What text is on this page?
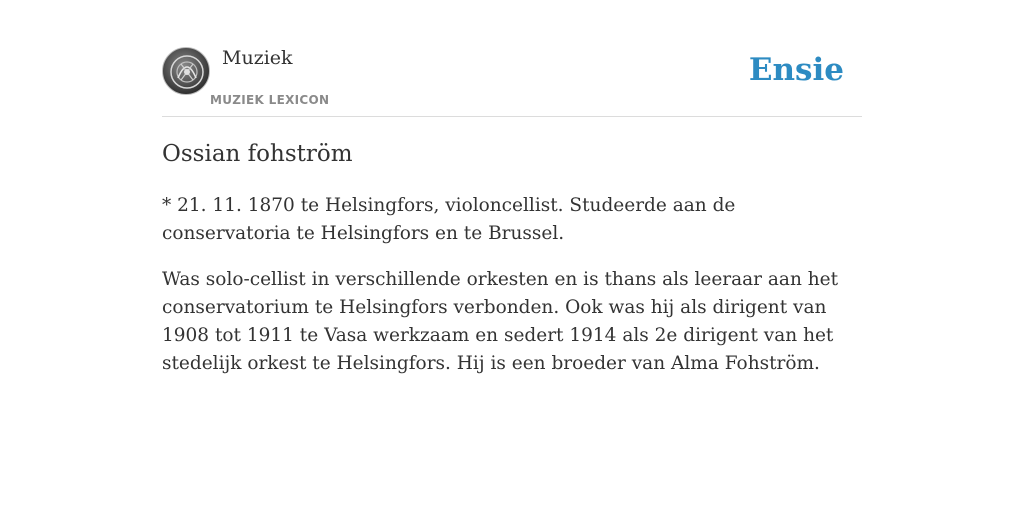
Muziek
MUZIEK LEXICON
Ensie
Ossian fohström

* 21. 11. 1870 te Helsingfors, violoncellist. Studeerde aan de conservatoria te Helsingfors en te Brussel.

Was solo-cellist in verschillende orkesten en is thans als leeraar aan het conservatorium te Helsingfors verbonden. Ook was hij als dirigent van 1908 tot 1911 te Vasa werkzaam en sedert 1914 als 2e dirigent van het stedelijk orkest te Helsingfors. Hij is een broeder van Alma Fohström.
